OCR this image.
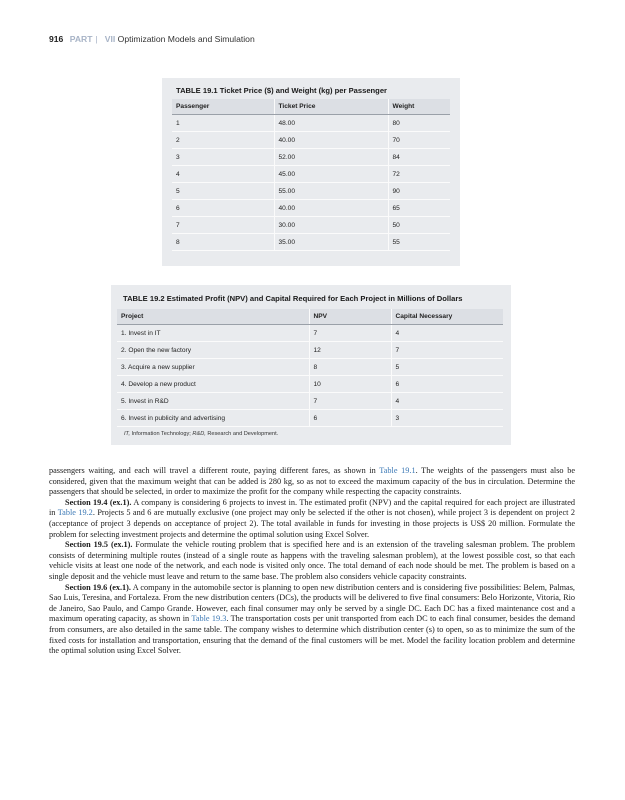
916 PART | VII Optimization Models and Simulation
TABLE 19.1 Ticket Price ($) and Weight (kg) per Passenger
Passenger	Ticket Price	Weight
1	48.00	80
2	40.00	70
3	52.00	84
4	45.00	72
5	55.00	90
6	40.00	65
7	30.00	50
8	35.00	55
TABLE 19.2 Estimated Profit (NPV) and Capital Required for Each Project in Millions of Dollars
Project	NPV	Capital Necessary
1. Invest in IT	7	4
2. Open the new factory	12	7
3. Acquire a new supplier	8	5
4. Develop a new product	10	6
5. Invest in R&D	7	4
6. Invest in publicity and advertising	6	3
IT, Information Technology; R&D, Research and Development.

passengers waiting, and each will travel a different route, paying different fares, as shown in Table 19.1. The weights of the passengers must also be considered, given that the maximum weight that can be added is 280 kg, so as not to exceed the maximum capacity of the bus in circulation. Determine the passengers that should be selected, in order to maximize the profit for the company while respecting the capacity constraints.

Section 19.4 (ex.1). A company is considering 6 projects to invest in. The estimated profit (NPV) and the capital required for each project are illustrated in Table 19.2. Projects 5 and 6 are mutually exclusive (one project may only be selected if the other is not chosen), while project 3 is dependent on project 2 (acceptance of project 3 depends on acceptance of project 2). The total available in funds for investing in those projects is US$ 20 million. Formulate the problem for selecting investment projects and determine the optimal solution using Excel Solver.

Section 19.5 (ex.1). Formulate the vehicle routing problem that is specified here and is an extension of the traveling salesman problem. The problem consists of determining multiple routes (instead of a single route as happens with the traveling salesman problem), at the lowest possible cost, so that each vehicle visits at least one node of the network, and each node is visited only once. The total demand of each node should be met. The problem is based on a single deposit and the vehicle must leave and return to the same base. The problem also considers vehicle capacity constraints.

Section 19.6 (ex.1). A company in the automobile sector is planning to open new distribution centers and is considering five possibilities: Belem, Palmas, Sao Luis, Teresina, and Fortaleza. From the new distribution centers (DCs), the products will be delivered to five final consumers: Belo Horizonte, Vitoria, Rio de Janeiro, Sao Paulo, and Campo Grande. However, each final consumer may only be served by a single DC. Each DC has a fixed maintenance cost and a maximum operating capacity, as shown in Table 19.3. The transportation costs per unit transported from each DC to each final consumer, besides the demand from consumers, are also detailed in the same table. The company wishes to determine which distribution center (s) to open, so as to minimize the sum of the fixed costs for installation and transportation, ensuring that the demand of the final customers will be met. Model the facility location problem and determine the optimal solution using Excel Solver.
